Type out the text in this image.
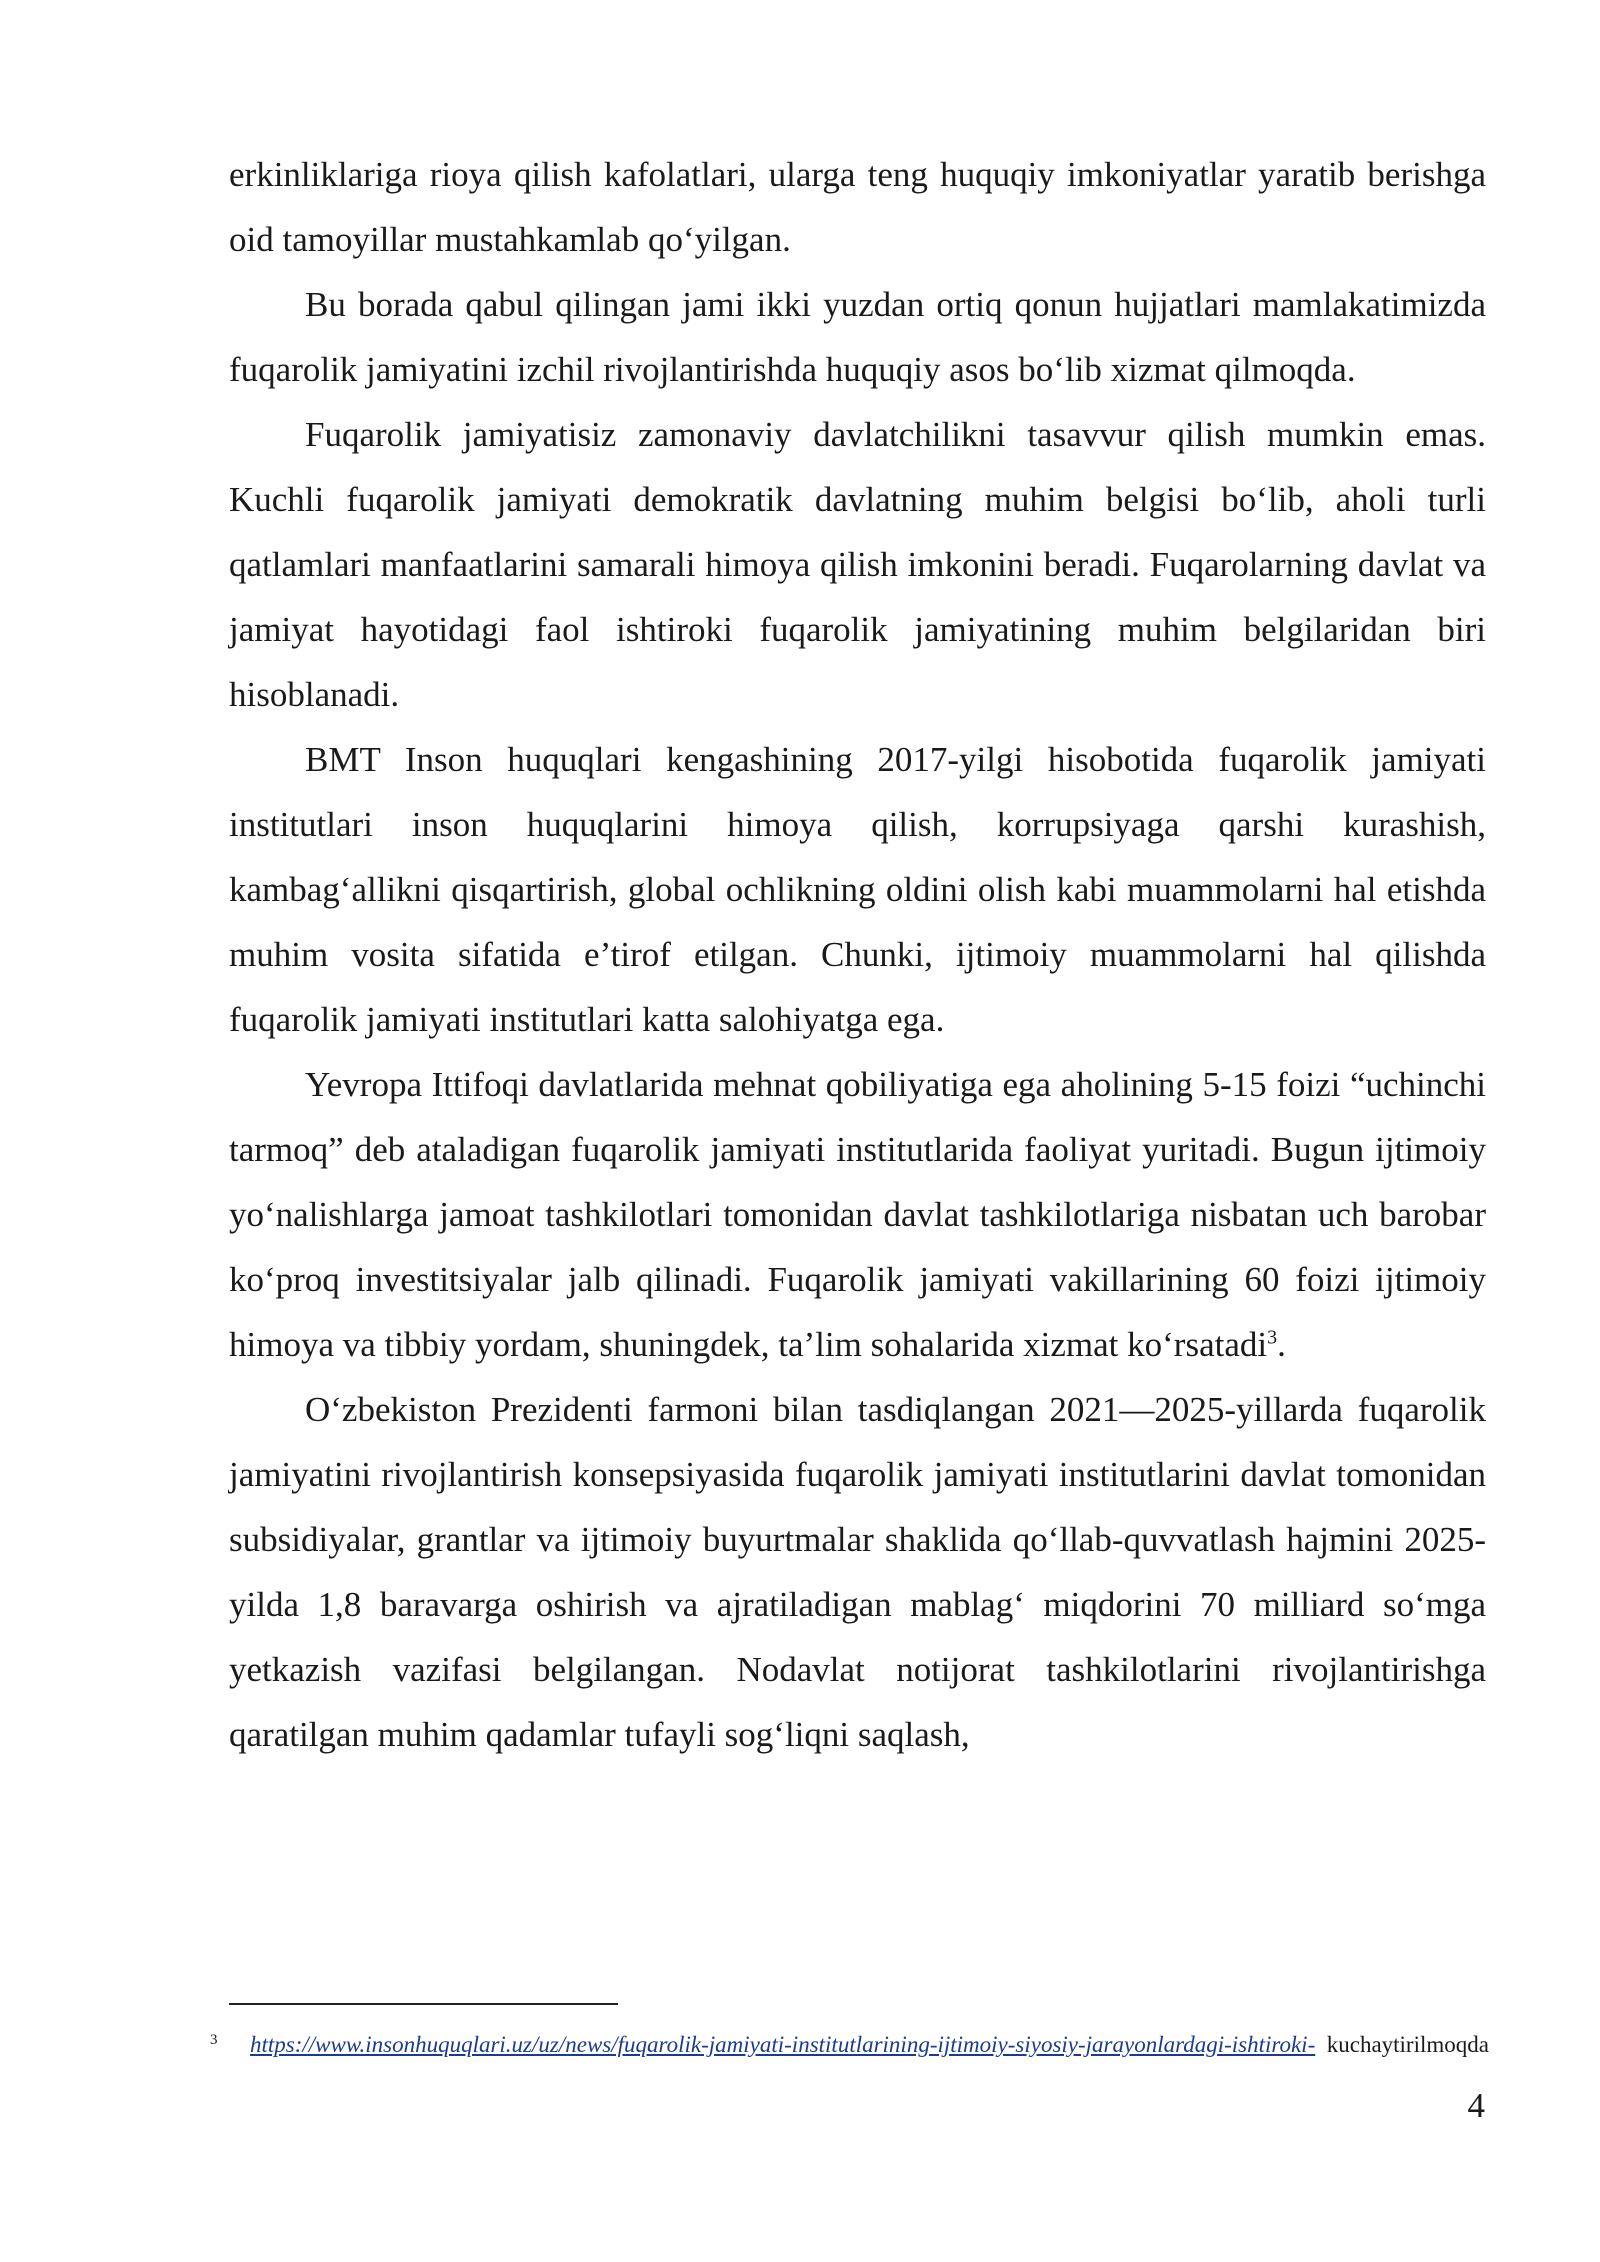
erkinliklariga rioya qilish kafolatlari, ularga teng huquqiy imkoniyatlar yaratib berishga oid tamoyillar mustahkamlab qo‘yilgan.

Bu borada qabul qilingan jami ikki yuzdan ortiq qonun hujjatlari mamlakatimizda fuqarolik jamiyatini izchil rivojlantirishda huquqiy asos bo‘lib xizmat qilmoqda.

Fuqarolik jamiyatisiz zamonaviy davlatchilikni tasavvur qilish mumkin emas. Kuchli fuqarolik jamiyati demokratik davlatning muhim belgisi bo‘lib, aholi turli qatlamlari manfaatlarini samarali himoya qilish imkonini beradi. Fuqarolarning davlat va jamiyat hayotidagi faol ishtiroki fuqarolik jamiyatining muhim belgilaridan biri hisoblanadi.

BMT Inson huquqlari kengashining 2017-yilgi hisobotida fuqarolik jamiyati institutlari inson huquqlarini himoya qilish, korrupsiyaga qarshi kurashish, kambag‘allikni qisqartirish, global ochlikning oldini olish kabi muammolarni hal etishda muhim vosita sifatida e’tirof etilgan. Chunki, ijtimoiy muammolarni hal qilishda fuqarolik jamiyati institutlari katta salohiyatga ega.

Yevropa Ittifoqi davlatlarida mehnat qobiliyatiga ega aholining 5-15 foizi “uchinchi tarmoq” deb ataladigan fuqarolik jamiyati institutlarida faoliyat yuritadi. Bugun ijtimoiy yo‘nalishlarga jamoat tashkilotlari tomonidan davlat tashkilotlariga nisbatan uch barobar ko‘proq investitsiyalar jalb qilinadi. Fuqarolik jamiyati vakillarining 60 foizi ijtimoiy himoya va tibbiy yordam, shuningdek, ta’lim sohalarida xizmat ko‘rsatadi$^3$.

O‘zbekiston Prezidenti farmoni bilan tasdiqlangan 2021—2025-yillarda fuqarolik jamiyatini rivojlantirish konsepsiyasida fuqarolik jamiyati institutlarini davlat tomonidan subsidiyalar, grantlar va ijtimoiy buyurtmalar shaklida qo‘llab-quvvatlash hajmini 2025-yilda 1,8 baravarga oshirish va ajratiladigan mablag‘ miqdorini 70 milliard so‘mga yetkazish vazifasi belgilangan. Nodavlat notijorat tashkilotlarini rivojlantirishga qaratilgan muhim qadamlar tufayli sog‘liqni saqlash,

3 https://www.insonhuquqlari.uz/uz/news/fuqarolik-jamiyati-institutlarining-ijtimoiy-siyosiy-jarayonlardagi-ishtiroki- kuchaytirilmoqda
4
